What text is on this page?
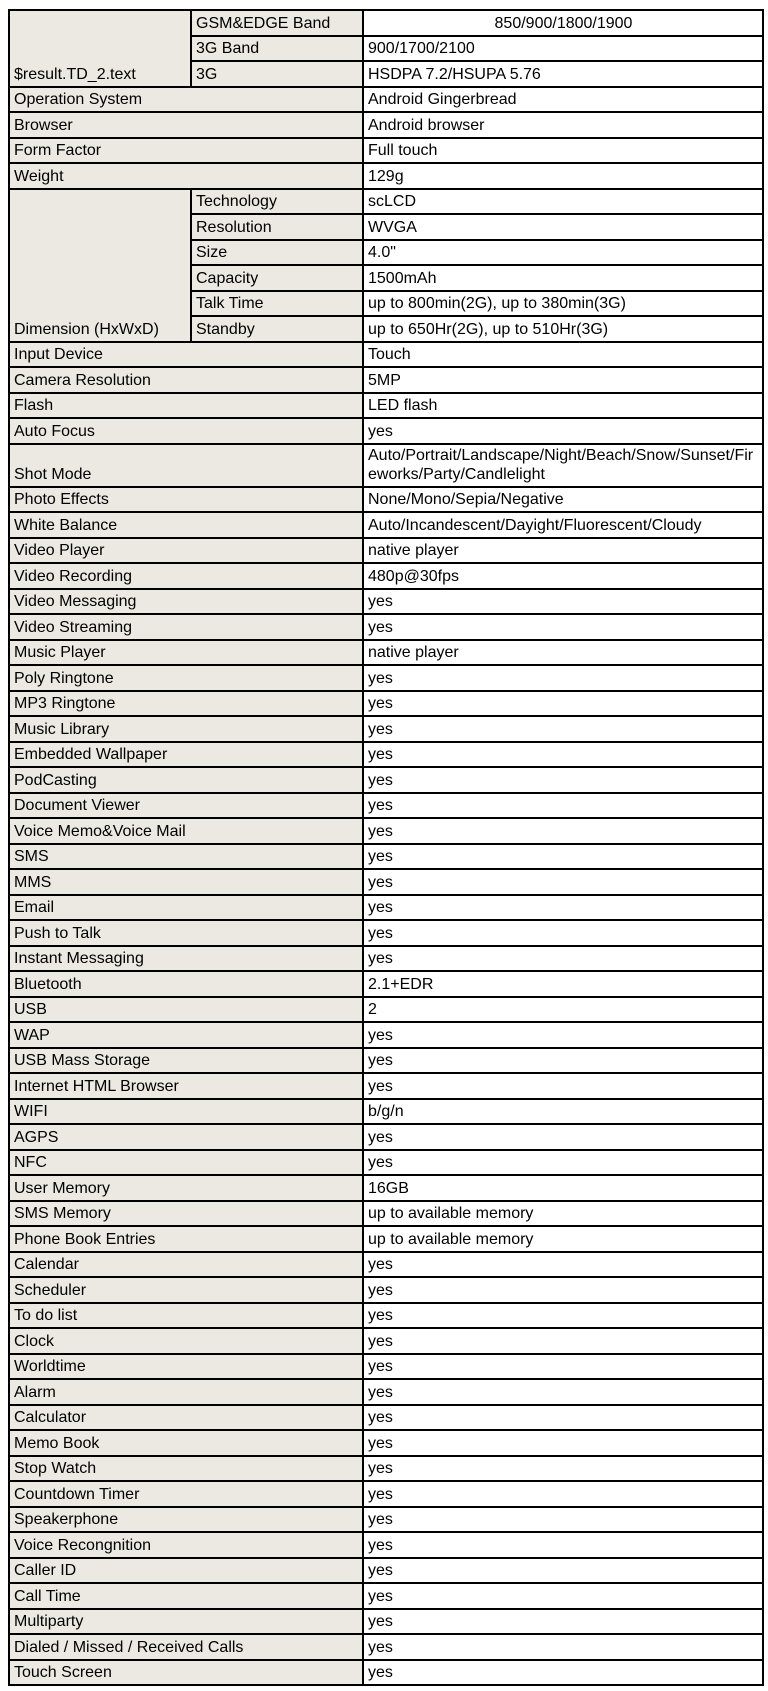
$result.TD_2.text	GSM&EDGE Band	850/900/1800/1900
	3G Band	900/1700/2100
	3G	HSDPA 7.2/HSUPA 5.76
Operation System		Android Gingerbread
Browser		Android browser
Form Factor		Full touch
Weight		129g
Dimension (HxWxD)	Technology	scLCD
	Resolution	WVGA
	Size	4.0"
	Capacity	1500mAh
	Talk Time	up to 800min(2G), up to 380min(3G)
	Standby	up to 650Hr(2G), up to 510Hr(3G)
Input Device		Touch
Camera Resolution		5MP
Flash		LED flash
Auto Focus		yes
Shot Mode		Auto/Portrait/Landscape/Night/Beach/Snow/Sunset/Fireworks/Party/Candlelight
Photo Effects		None/Mono/Sepia/Negative
White Balance		Auto/Incandescent/Dayight/Fluorescent/Cloudy
Video Player		native player
Video Recording		480p@30fps
Video Messaging		yes
Video Streaming		yes
Music Player		native player
Poly Ringtone		yes
MP3 Ringtone		yes
Music Library		yes
Embedded Wallpaper		yes
PodCasting		yes
Document Viewer		yes
Voice Memo&Voice Mail		yes
SMS		yes
MMS		yes
Email		yes
Push to Talk		yes
Instant Messaging		yes
Bluetooth		2.1+EDR
USB		2
WAP		yes
USB Mass Storage		yes
Internet HTML Browser		yes
WIFI		b/g/n
AGPS		yes
NFC		yes
User Memory		16GB
SMS Memory		up to available memory
Phone Book Entries		up to available memory
Calendar		yes
Scheduler		yes
To do list		yes
Clock		yes
Worldtime		yes
Alarm		yes
Calculator		yes
Memo Book		yes
Stop Watch		yes
Countdown Timer		yes
Speakerphone		yes
Voice Recongnition		yes
Caller ID		yes
Call Time		yes
Multiparty		yes
Dialed / Missed / Received Calls		yes
Touch Screen		yes
